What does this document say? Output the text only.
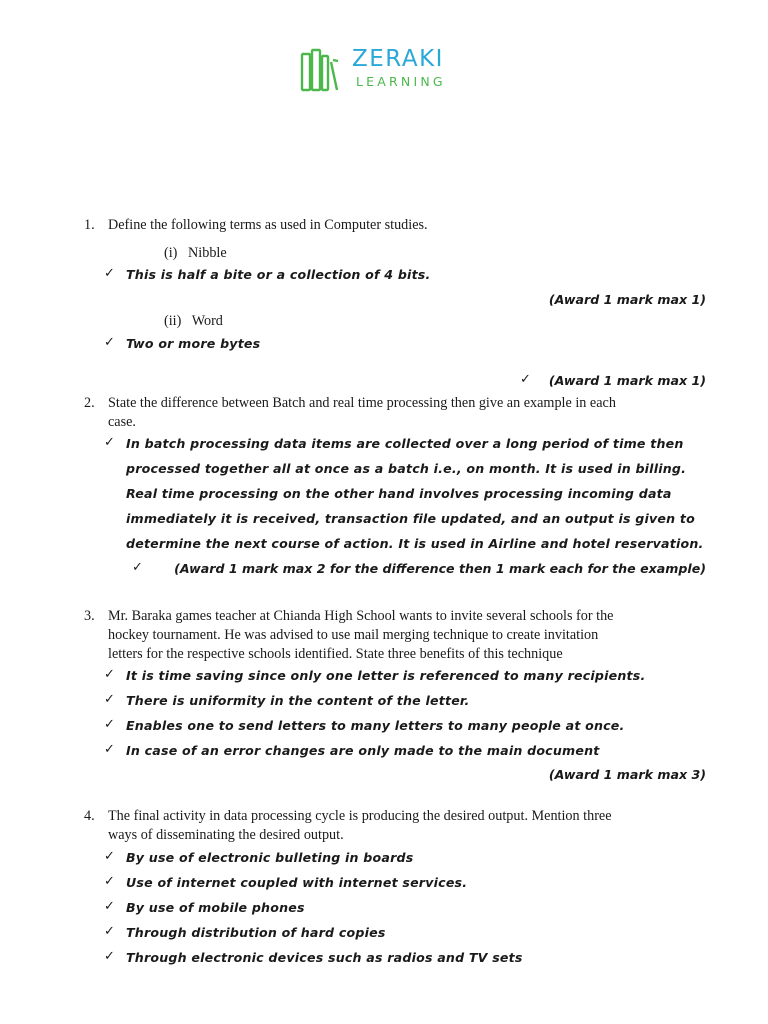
ZERAKI
LEARNING
1. Define the following terms as used in Computer studies.
(i) Nibble
✓ This is half a bite or a collection of 4 bits.
(Award 1 mark max 1)
(ii) Word
✓ Two or more bytes
✓ (Award 1 mark max 1)
2. State the difference between Batch and real time processing then give an example in each
case.
✓ In batch processing data items are collected over a long period of time then
processed together all at once as a batch i.e., on month. It is used in billing.
Real time processing on the other hand involves processing incoming data
immediately it is received, transaction file updated, and an output is given to
determine the next course of action. It is used in Airline and hotel reservation.
✓ (Award 1 mark max 2 for the difference then 1 mark each for the example)
3. Mr. Baraka games teacher at Chianda High School wants to invite several schools for the
hockey tournament. He was advised to use mail merging technique to create invitation
letters for the respective schools identified. State three benefits of this technique
✓ It is time saving since only one letter is referenced to many recipients.
✓ There is uniformity in the content of the letter.
✓ Enables one to send letters to many letters to many people at once.
✓ In case of an error changes are only made to the main document
(Award 1 mark max 3)
4. The final activity in data processing cycle is producing the desired output. Mention three
ways of disseminating the desired output.
✓ By use of electronic bulleting in boards
✓ Use of internet coupled with internet services.
✓ By use of mobile phones
✓ Through distribution of hard copies
✓ Through electronic devices such as radios and TV sets
